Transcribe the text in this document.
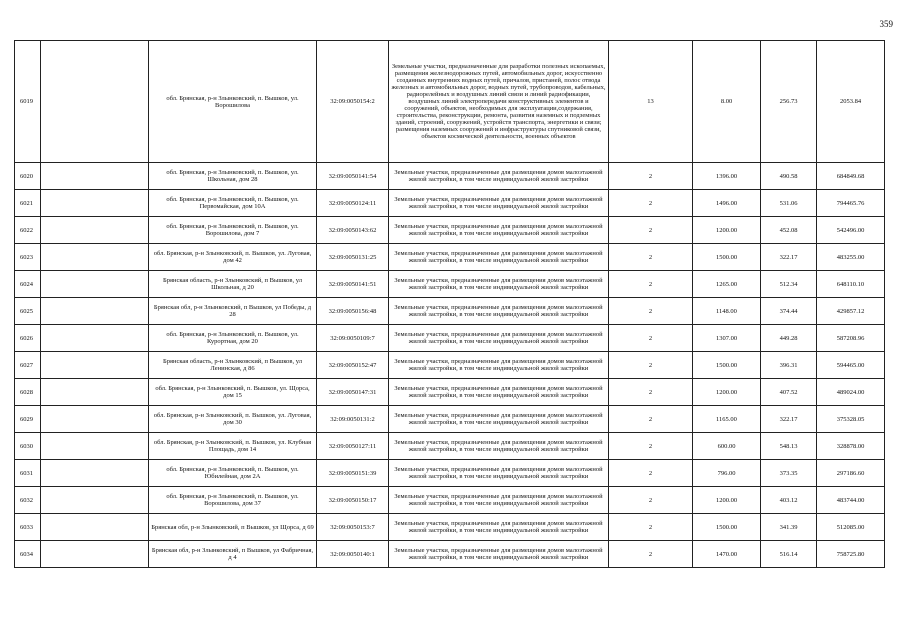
359
6019		обл. Брянская, р-н Злынковский, п. Вышков, ул. Ворошилова	32:09:0050154:2	Земельные участки, предназначенные для разработки полезных ископаемых, размещения железнодорожных путей, автомобильных дорог, искусственно созданных внутренних водных путей, причалов, пристаней, полос отвода железных и автомобильных дорог, водных путей, трубопроводов, кабельных, радиорелейных и воздушных линий связи и линий радиофикации, воздушных линий электропередачи конструктивных элементов и сооружений, объектов, необходимых для эксплуатации,содержания, строительства, реконструкции, ремонта, развития наземных и подземных зданий, строений, сооружений, устройств транспорта, энергетики и связи; размещения наземных сооружений и инфраструктуры спутниковой связи, объектов космической деятельности, военных объектов	13	8.00	256.73	2053.84
6020		обл. Брянская, р-н Злынковский, п. Вышков, ул. Школьная, дом 28	32:09:0050141:54	Земельные участки, предназначенные для размещения домов малоэтажной жилой застройки, в том числе индивидуальной жилой застройки	2	1396.00	490.58	684849.68
6021		обл. Брянская, р-н Злынковский, п. Вышков, ул. Первомайская, дом 10А	32:09:0050124:11	Земельные участки, предназначенные для размещения домов малоэтажной жилой застройки, в том числе индивидуальной жилой застройки	2	1496.00	531.06	794465.76
6022		обл. Брянская, р-н Злынковский, п. Вышков, ул. Ворошилова, дом 7	32:09:0050143:62	Земельные участки, предназначенные для размещения домов малоэтажной жилой застройки, в том числе индивидуальной жилой застройки	2	1200.00	452.08	542496.00
6023		обл. Брянская, р-н Злынковский, п. Вышков, ул. Луговая, дом 42	32:09:0050131:25	Земельные участки, предназначенные для размещения домов малоэтажной жилой застройки, в том числе индивидуальной жилой застройки	2	1500.00	322.17	483255.00
6024		Брянская область, р-н Злынковский, п Вышков, ул Школьная, д 20	32:09:0050141:51	Земельные участки, предназначенные для размещения домов малоэтажной жилой застройки, в том числе индивидуальной жилой застройки	2	1265.00	512.34	648110.10
6025		Брянская обл, р-н Злынковский, п Вышков, ул Победы, д 28	32:09:0050156:48	Земельные участки, предназначенные для размещения домов малоэтажной жилой застройки, в том числе индивидуальной жилой застройки	2	1148.00	374.44	429857.12
6026		обл. Брянская, р-н Злынковский, п. Вышков, ул. Курортная, дом 20	32:09:0050109:7	Земельные участки, предназначенные для размещения домов малоэтажной жилой застройки, в том числе индивидуальной жилой застройки	2	1307.00	449.28	587208.96
6027		Брянская область, р-н Злынковский, п Вышков, ул Ленинская, д 86	32:09:0050152:47	Земельные участки, предназначенные для размещения домов малоэтажной жилой застройки, в том числе индивидуальной жилой застройки	2	1500.00	396.31	594465.00
6028		обл. Брянская, р-н Злынковский, п. Вышков, ул. Щорса, дом 15	32:09:0050147:31	Земельные участки, предназначенные для размещения домов малоэтажной жилой застройки, в том числе индивидуальной жилой застройки	2	1200.00	407.52	489024.00
6029		обл. Брянская, р-н Злынковский, п. Вышков, ул. Луговая, дом 30	32:09:0050131:2	Земельные участки, предназначенные для размещения домов малоэтажной жилой застройки, в том числе индивидуальной жилой застройки	2	1165.00	322.17	375328.05
6030		обл. Брянская, р-н Злынковский, п. Вышков, ул. Клубная Площадь, дом 14	32:09:0050127:11	Земельные участки, предназначенные для размещения домов малоэтажной жилой застройки, в том числе индивидуальной жилой застройки	2	600.00	548.13	328878.00
6031		обл. Брянская, р-н Злынковский, п. Вышков, ул. Юбилейная, дом 2А	32:09:0050151:39	Земельные участки, предназначенные для размещения домов малоэтажной жилой застройки, в том числе индивидуальной жилой застройки	2	796.00	373.35	297186.60
6032		обл. Брянская, р-н Злынковский, п. Вышков, ул. Ворошилова, дом 37	32:09:0050150:17	Земельные участки, предназначенные для размещения домов малоэтажной жилой застройки, в том числе индивидуальной жилой застройки	2	1200.00	403.12	483744.00
6033		Брянская обл, р-н Злынковский, п Вышков, ул Щорса, д 69	32:09:0050153:7	Земельные участки, предназначенные для размещения домов малоэтажной жилой застройки, в том числе индивидуальной жилой застройки	2	1500.00	341.39	512085.00
6034		Брянская обл, р-н Злынковский, п Вышков, ул Фабричная, д 4	32:09:0050140:1	Земельные участки, предназначенные для размещения домов малоэтажной жилой застройки, в том числе индивидуальной жилой застройки	2	1470.00	516.14	758725.80
